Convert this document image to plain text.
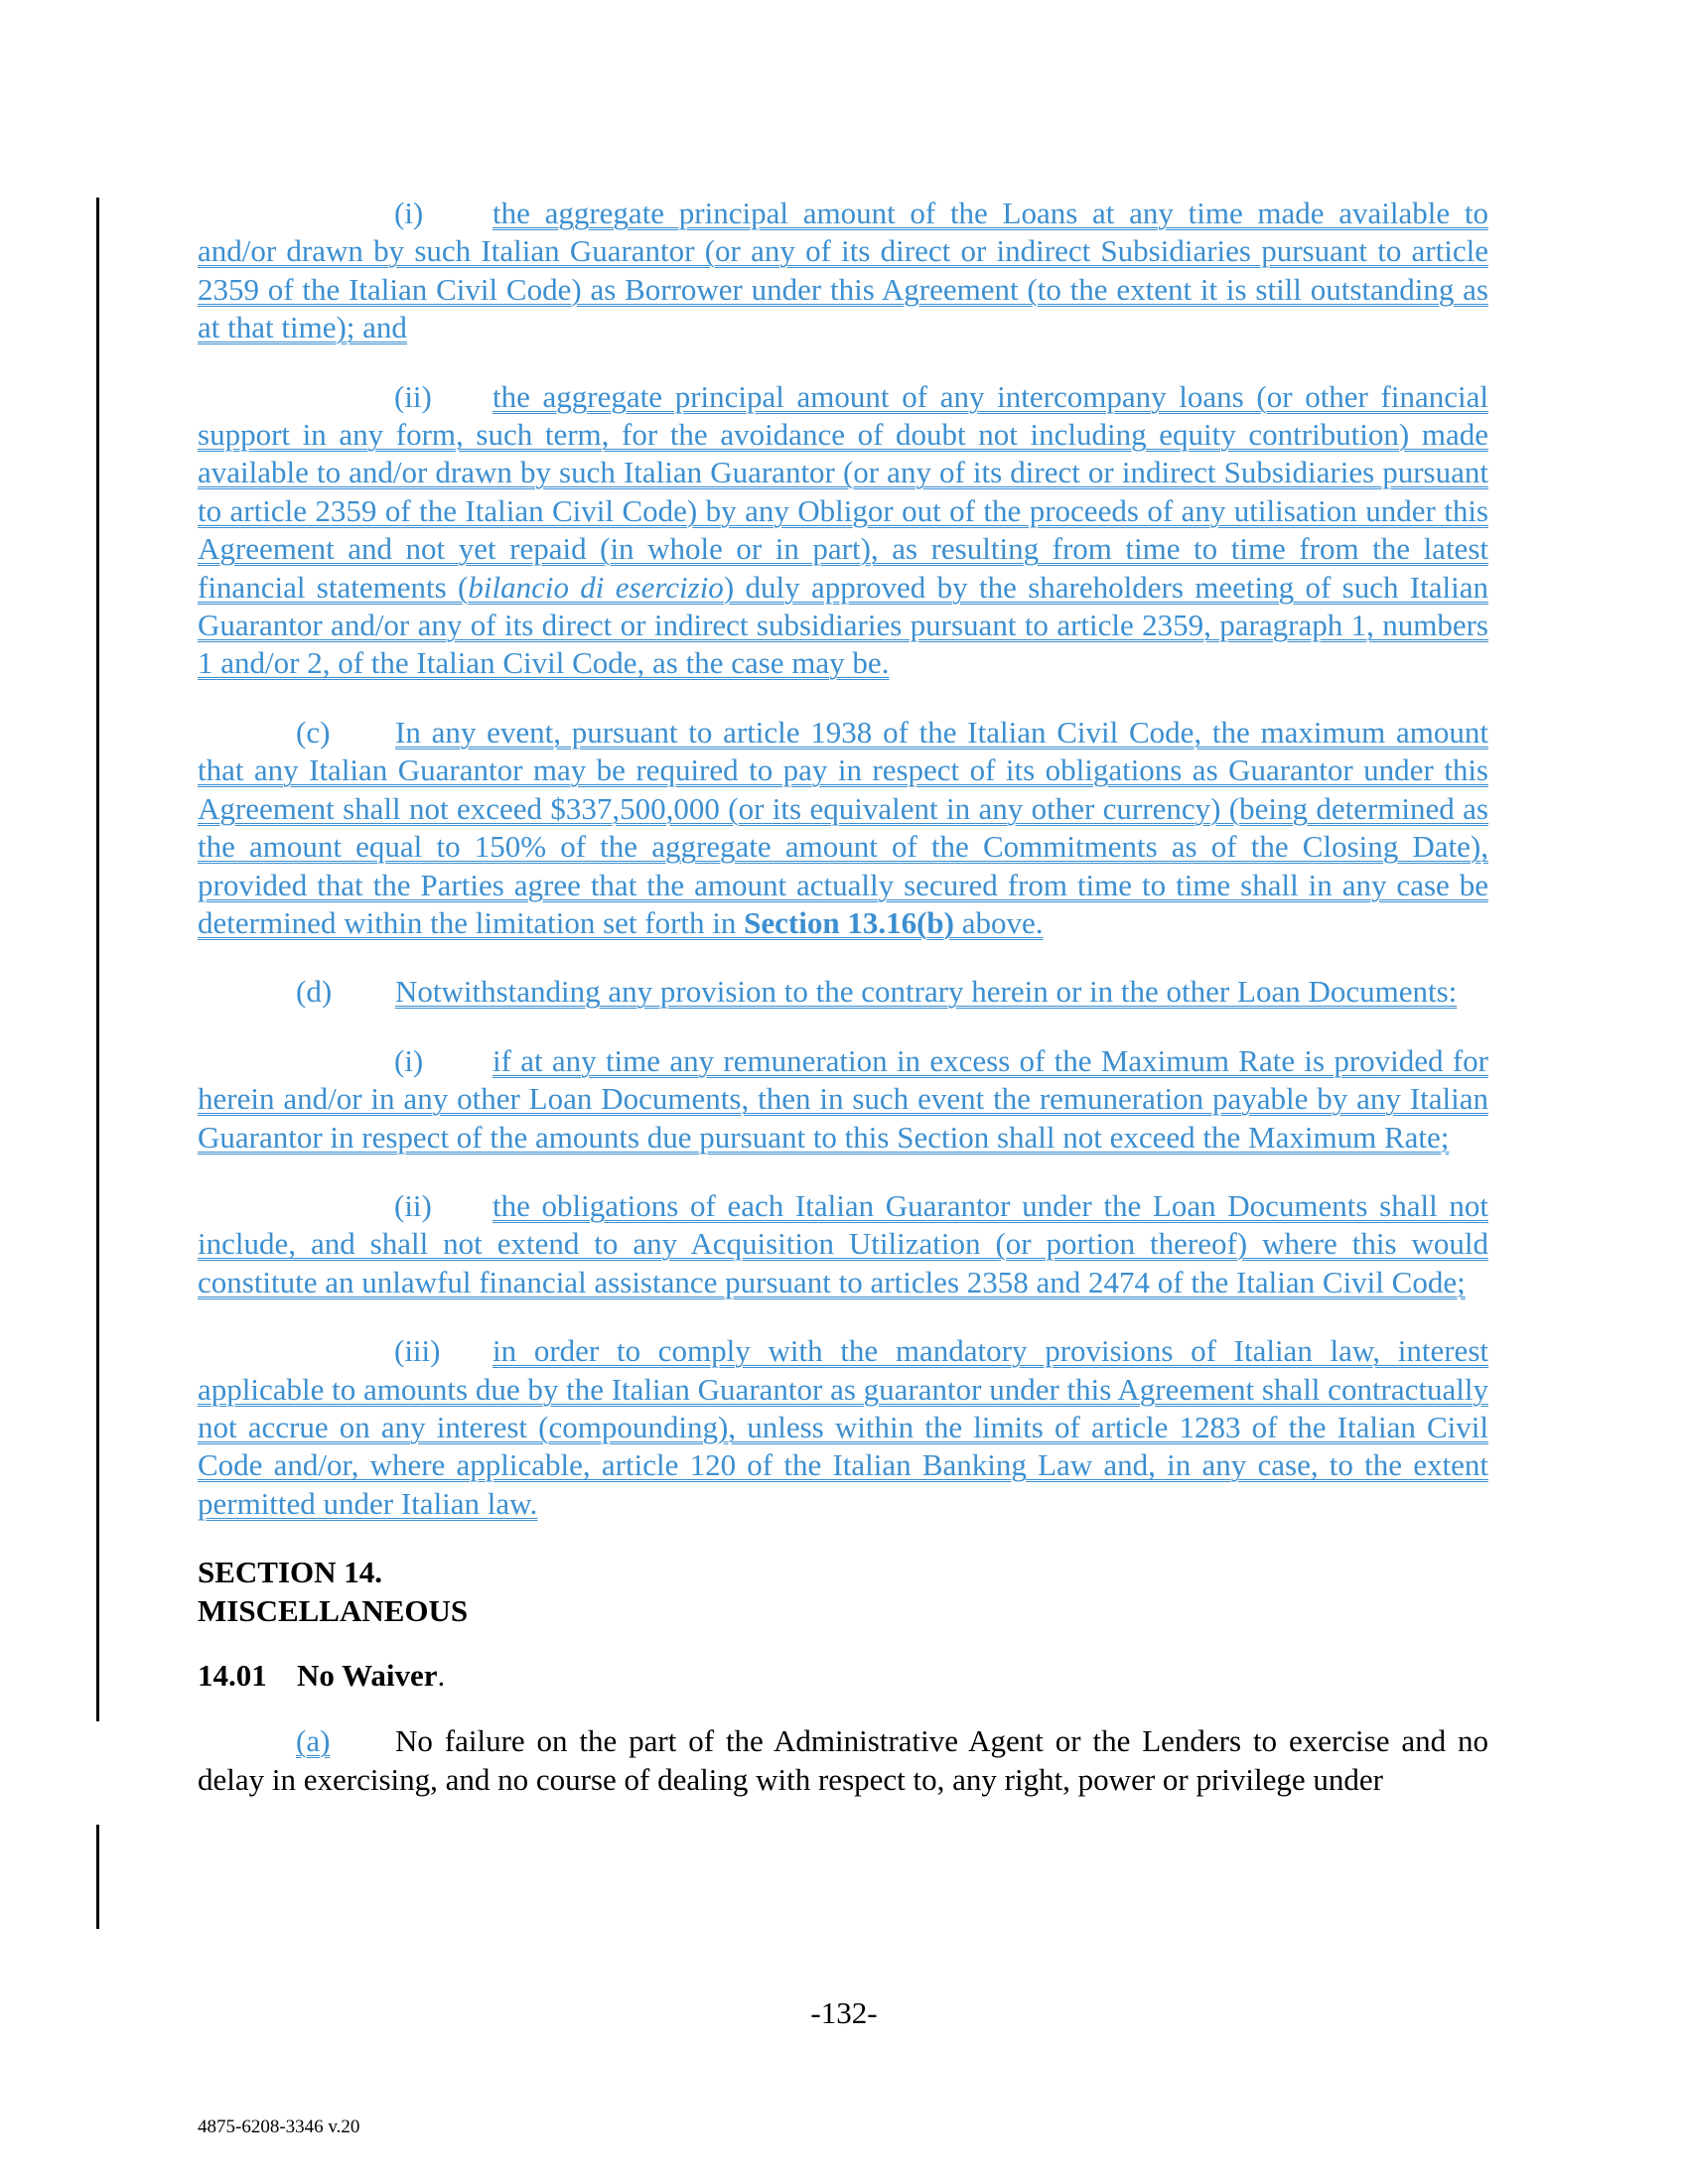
(i) the aggregate principal amount of the Loans at any time made available to and/or drawn by such Italian Guarantor (or any of its direct or indirect Subsidiaries pursuant to article 2359 of the Italian Civil Code) as Borrower under this Agreement (to the extent it is still outstanding as at that time); and

(ii) the aggregate principal amount of any intercompany loans (or other financial support in any form, such term, for the avoidance of doubt not including equity contribution) made available to and/or drawn by such Italian Guarantor (or any of its direct or indirect Subsidiaries pursuant to article 2359 of the Italian Civil Code) by any Obligor out of the proceeds of any utilisation under this Agreement and not yet repaid (in whole or in part), as resulting from time to time from the latest financial statements (bilancio di esercizio) duly approved by the shareholders meeting of such Italian Guarantor and/or any of its direct or indirect subsidiaries pursuant to article 2359, paragraph 1, numbers 1 and/or 2, of the Italian Civil Code, as the case may be.

(c) In any event, pursuant to article 1938 of the Italian Civil Code, the maximum amount that any Italian Guarantor may be required to pay in respect of its obligations as Guarantor under this Agreement shall not exceed $337,500,000 (or its equivalent in any other currency) (being determined as the amount equal to 150% of the aggregate amount of the Commitments as of the Closing Date), provided that the Parties agree that the amount actually secured from time to time shall in any case be determined within the limitation set forth in Section 13.16(b) above.

(d) Notwithstanding any provision to the contrary herein or in the other Loan Documents:

(i) if at any time any remuneration in excess of the Maximum Rate is provided for herein and/or in any other Loan Documents, then in such event the remuneration payable by any Italian Guarantor in respect of the amounts due pursuant to this Section shall not exceed the Maximum Rate;

(ii) the obligations of each Italian Guarantor under the Loan Documents shall not include, and shall not extend to any Acquisition Utilization (or portion thereof) where this would constitute an unlawful financial assistance pursuant to articles 2358 and 2474 of the Italian Civil Code;

(iii) in order to comply with the mandatory provisions of Italian law, interest applicable to amounts due by the Italian Guarantor as guarantor under this Agreement shall contractually not accrue on any interest (compounding), unless within the limits of article 1283 of the Italian Civil Code and/or, where applicable, article 120 of the Italian Banking Law and, in any case, to the extent permitted under Italian law.

SECTION 14.
MISCELLANEOUS

14.01 No Waiver.

(a) No failure on the part of the Administrative Agent or the Lenders to exercise and no delay in exercising, and no course of dealing with respect to, any right, power or privilege under

-132-
4875-6208-3346 v.20
